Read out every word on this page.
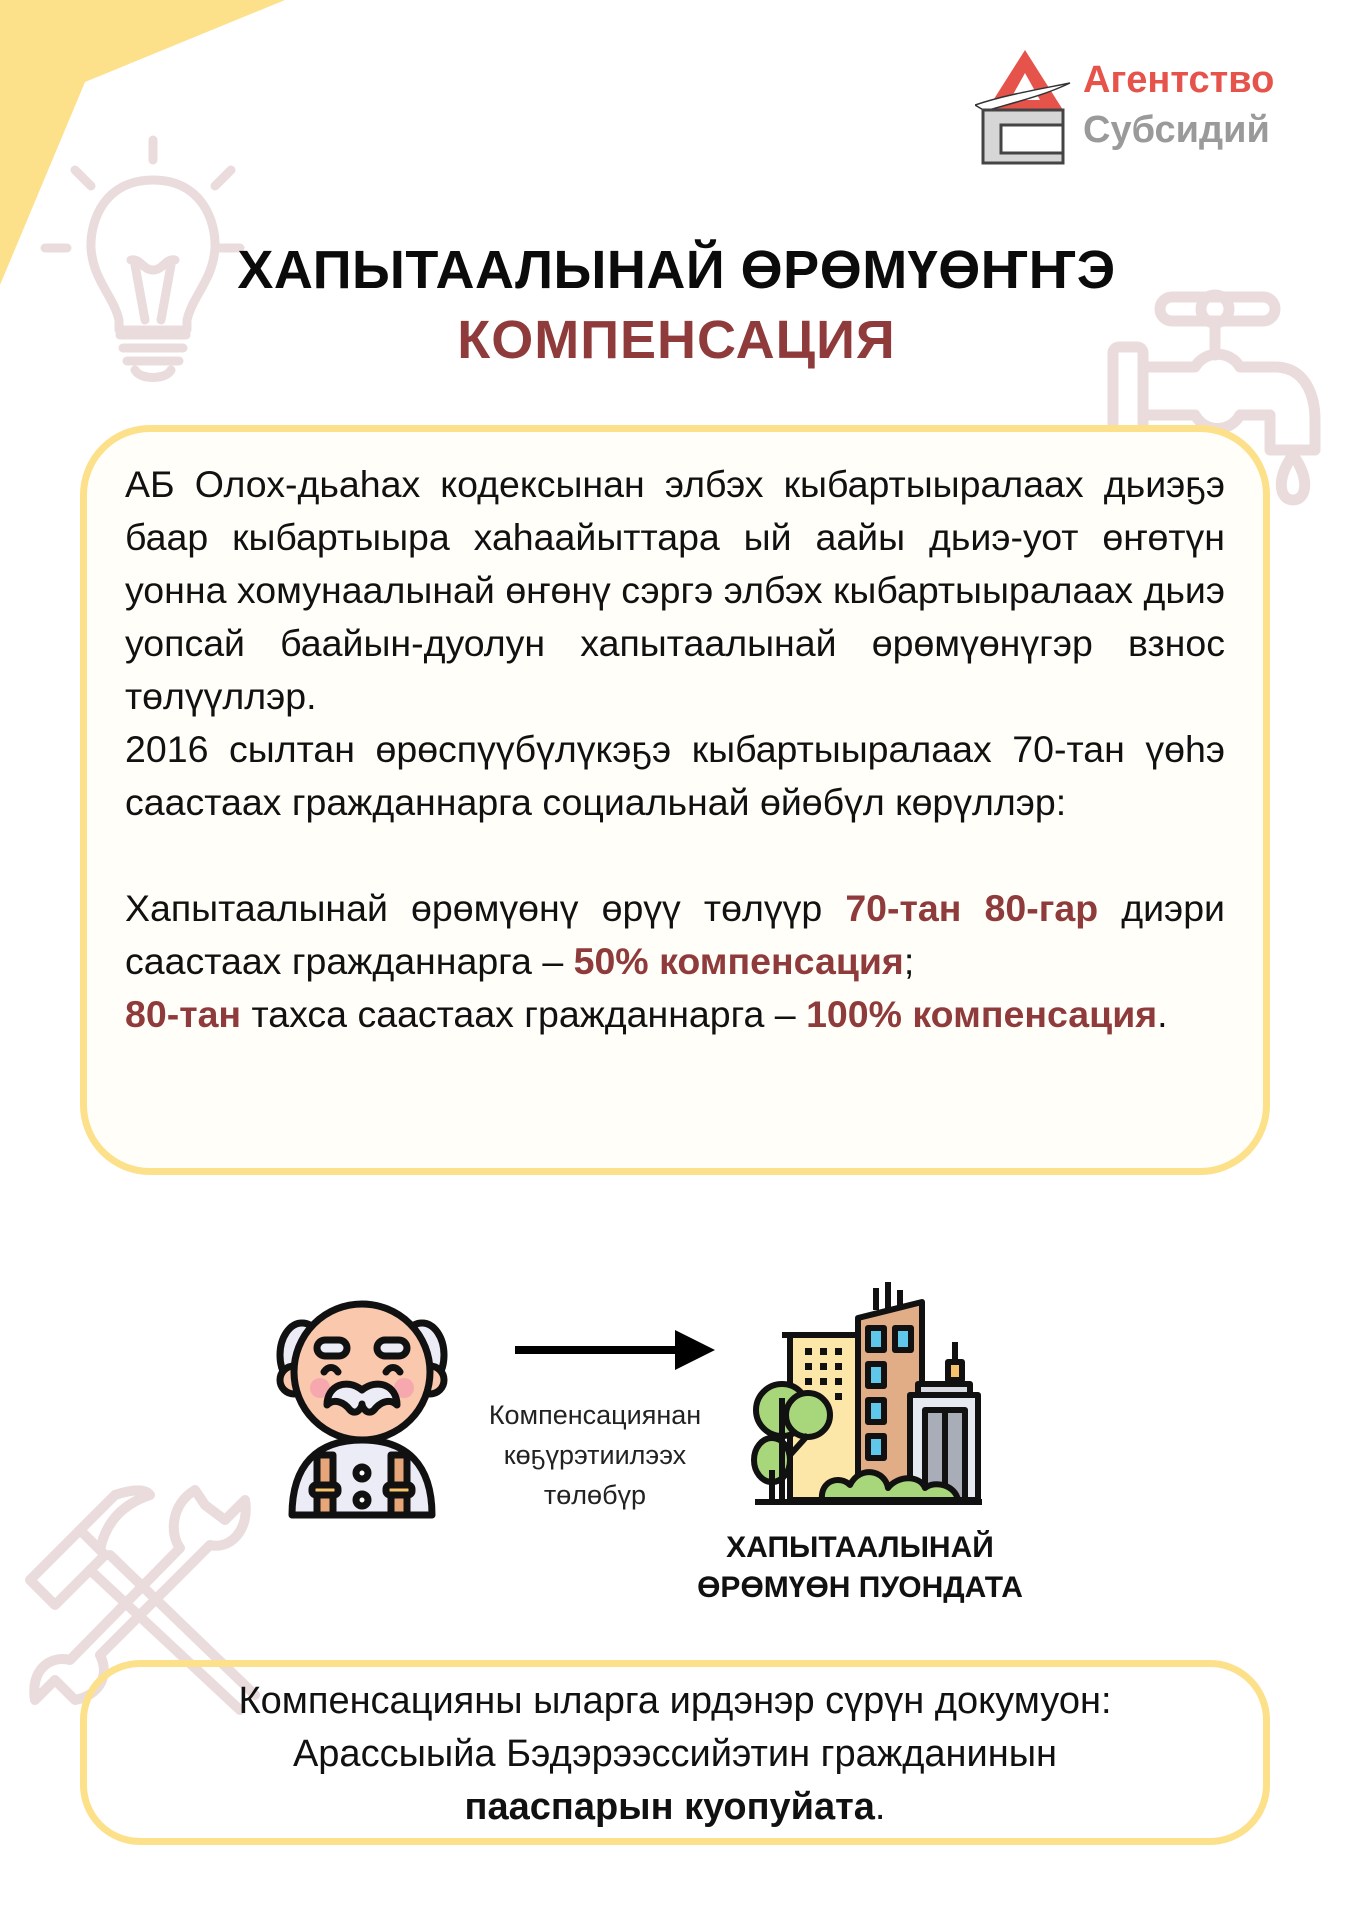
Агентство
Субсидий
ХАПЫТААЛЫНАЙ ӨРӨМҮӨҤҤЭ
КОМПЕНСАЦИЯ
АБ Олох-дьаһах кодексынан элбэх кыбартыыралаах дьиэҕэ баар кыбартыыра хаһаайыттара ый аайы дьиэ-уот өҥөтүн уонна хомунаалынай өҥөнү сэргэ элбэх кыбартыыралаах дьиэ уопсай баайын-дуолун хапытаалынай өрөмүөнүгэр взнос төлүүллэр.
2016 сылтан өрөспүүбүлүкэҕэ кыбартыыралаах 70-тан үөһэ саастаах гражданнарга социальнай өйөбүл көрүллэр:
Хапытаалынай өрөмүөнү өрүү төлүүр 70-тан 80-гар диэри саастаах гражданнарга – 50% компенсация;
80-тан тахса саастаах гражданнарга – 100% компенсация.
Компенсациянан көҕүрэтиилээх төлөбүр
ХАПЫТААЛЫНАЙ
ӨРӨМҮӨН ПУОНДАТА
Компенсацияны ыларга ирдэнэр сүрүн докумуон:
Арассыыйа Бэдэрээссийэтин гражданинын
пааспарын куопуйата.
